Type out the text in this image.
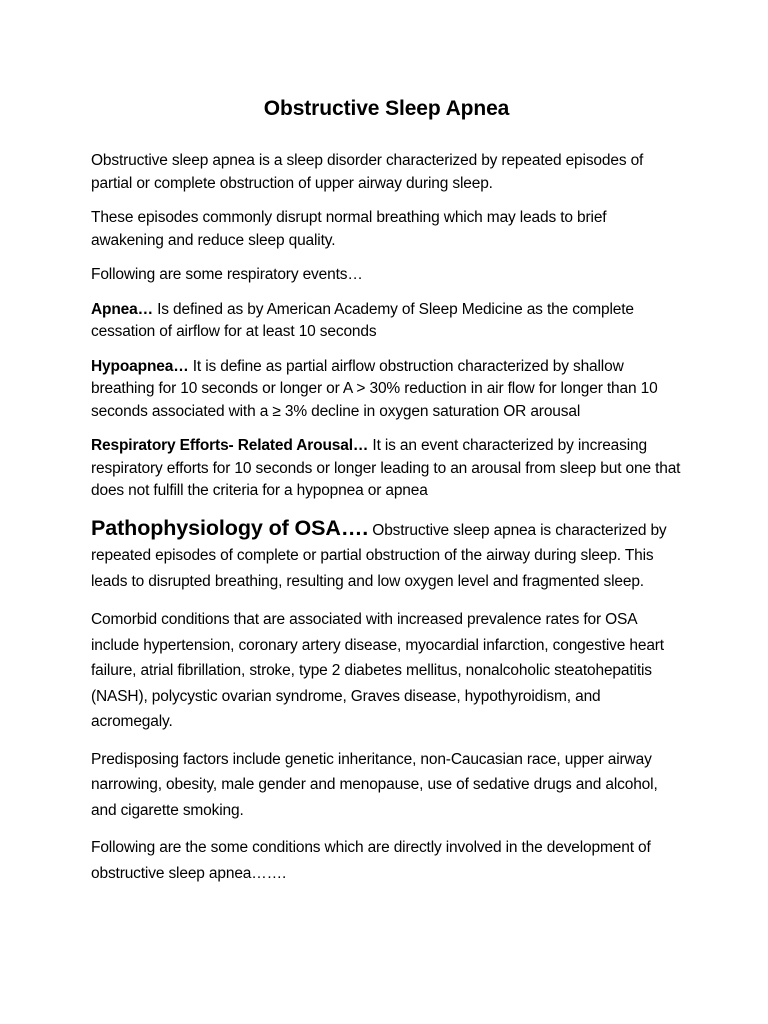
Obstructive Sleep Apnea

Obstructive sleep apnea is a sleep disorder characterized by repeated episodes of partial or complete obstruction of upper airway during sleep.

These episodes commonly disrupt normal breathing which may leads to brief awakening and reduce sleep quality.

Following are some respiratory events…

Apnea… Is defined as by American Academy of Sleep Medicine as the complete cessation of airflow for at least 10 seconds

Hypoapnea… It is define as partial airflow obstruction characterized by shallow breathing for 10 seconds or longer or A > 30% reduction in air flow for longer than 10 seconds associated with a ≥ 3% decline in oxygen saturation OR arousal

Respiratory Efforts- Related Arousal… It is an event characterized by increasing respiratory efforts for 10 seconds or longer leading to an arousal from sleep but one that does not fulfill the criteria for a hypopnea or apnea

Pathophysiology of OSA…. Obstructive sleep apnea is characterized by repeated episodes of complete or partial obstruction of the airway during sleep. This leads to disrupted breathing, resulting and low oxygen level and fragmented sleep.

Comorbid conditions that are associated with increased prevalence rates for OSA include hypertension, coronary artery disease, myocardial infarction, congestive heart failure, atrial fibrillation, stroke, type 2 diabetes mellitus, nonalcoholic steatohepatitis (NASH), polycystic ovarian syndrome, Graves disease, hypothyroidism, and acromegaly.

Predisposing factors include genetic inheritance, non-Caucasian race, upper airway narrowing, obesity, male gender and menopause, use of sedative drugs and alcohol, and cigarette smoking.

Following are the some conditions which are directly involved in the development of obstructive sleep apnea…….
